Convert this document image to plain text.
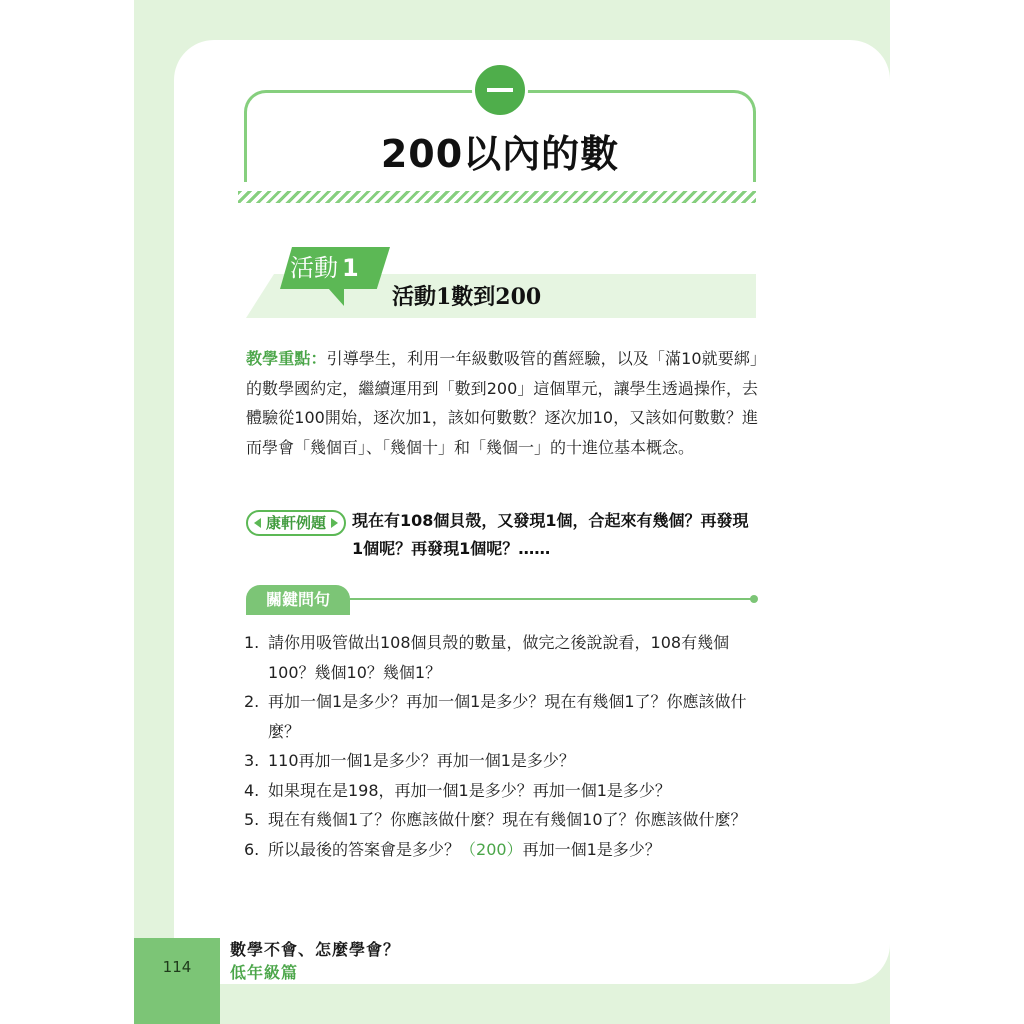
200以內的數
活動 1
活動1數到200
教學重點：引導學生，利用一年級數吸管的舊經驗，以及「滿10就要綁」的數學國約定，繼續運用到「數到200」這個單元，讓學生透過操作，去體驗從100開始，逐次加1，該如何數數？逐次加10，又該如何數數？進而學會「幾個百」、「幾個十」和「幾個一」的十進位基本概念。
康軒例題	現在有108個貝殼，又發現1個，合起來有幾個？再發現1個呢？再發現1個呢？……
關鍵問句
1. 請你用吸管做出108個貝殼的數量，做完之後說說看，108有幾個100？幾個10？幾個1？
2. 再加一個1是多少？再加一個1是多少？現在有幾個1了？你應該做什麼？
3. 110再加一個1是多少？再加一個1是多少？
4. 如果現在是198，再加一個1是多少？再加一個1是多少？
5. 現在有幾個1了？你應該做什麼？現在有幾個10了？你應該做什麼？
6. 所以最後的答案會是多少？（200）再加一個1是多少？
114
數學不會、怎麼學會？
低年級篇
